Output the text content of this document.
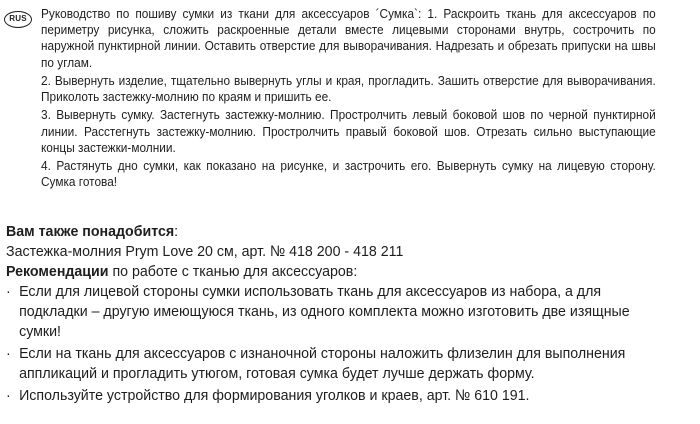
RUS	Руководство по пошиву сумки из ткани для аксессуаров ´Сумка`: 1. Раскроить ткань для аксессуаров по периметру рисунка, сложить раскроенные детали вместе лицевыми сторонами внутрь, сострочить по наружной пунктирной линии. Оставить отверстие для выворачивания. Надрезать и обрезать припуски на швы по углам.

2. Вывернуть изделие, тщательно вывернуть углы и края, прогладить. Зашить отверстие для выворачивания. Приколоть застежку-молнию по краям и пришить ее.

3. Вывернуть сумку. Застегнуть застежку-молнию. Простролчить левый боковой шов по черной пунктирной линии. Расстегнуть застежку-молнию. Простролчить правый боковой шов. Отрезать сильно выступающие концы застежки-молнии.

4. Растянуть дно сумки, как показано на рисунке, и застрочить его. Вывернуть сумку на лицевую сторону. Сумка готова!

Вам также понадобится:

Застежка-молния Prym Love 20 см, арт. № 418 200 - 418 211

Рекомендации по работе с тканью для аксессуаров:

· Если для лицевой стороны сумки использовать ткань для аксессуаров из набора, а для подкладки – другую имеющуюся ткань, из одного комплекта можно изготовить две изящные сумки!
· Если на ткань для аксессуаров с изнаночной стороны наложить флизелин для выполнения аппликаций и прогладить утюгом, готовая сумка будет лучше держать форму.
· Используйте устройство для формирования уголков и краев, арт. № 610 191.
